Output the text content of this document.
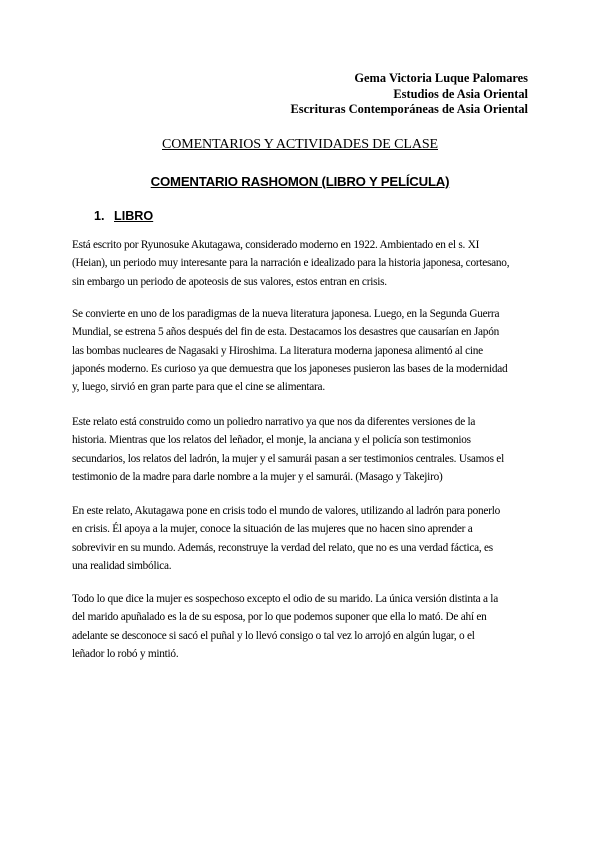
Gema Victoria Luque Palomares
Estudios de Asia Oriental
Escrituras Contemporáneas de Asia Oriental
COMENTARIOS Y ACTIVIDADES DE CLASE
COMENTARIO RASHOMON (LIBRO Y PELÍCULA)
1. LIBRO
Está escrito por Ryunosuke Akutagawa, considerado moderno en 1922. Ambientado en el s. XI
(Heian), un periodo muy interesante para la narración e idealizado para la historia japonesa, cortesano,
sin embargo un periodo de apoteosis de sus valores, estos entran en crisis.
Se convierte en uno de los paradigmas de la nueva literatura japonesa. Luego, en la Segunda Guerra
Mundial, se estrena 5 años después del fin de esta. Destacamos los desastres que causarían en Japón
las bombas nucleares de Nagasaki y Hiroshima. La literatura moderna japonesa alimentó al cine
japonés moderno. Es curioso ya que demuestra que los japoneses pusieron las bases de la modernidad
y, luego, sirvió en gran parte para que el cine se alimentara.
Este relato está construido como un poliedro narrativo ya que nos da diferentes versiones de la
historia. Mientras que los relatos del leñador, el monje, la anciana y el policía son testimonios
secundarios, los relatos del ladrón, la mujer y el samurái pasan a ser testimonios centrales. Usamos el
testimonio de la madre para darle nombre a la mujer y el samurái. (Masago y Takejiro)
En este relato, Akutagawa pone en crisis todo el mundo de valores, utilizando al ladrón para ponerlo
en crisis. Él apoya a la mujer, conoce la situación de las mujeres que no hacen sino aprender a
sobrevivir en su mundo. Además, reconstruye la verdad del relato, que no es una verdad fáctica, es
una realidad simbólica.
Todo lo que dice la mujer es sospechoso excepto el odio de su marido. La única versión distinta a la
del marido apuñalado es la de su esposa, por lo que podemos suponer que ella lo mató. De ahí en
adelante se desconoce si sacó el puñal y lo llevó consigo o tal vez lo arrojó en algún lugar, o el
leñador lo robó y mintió.
